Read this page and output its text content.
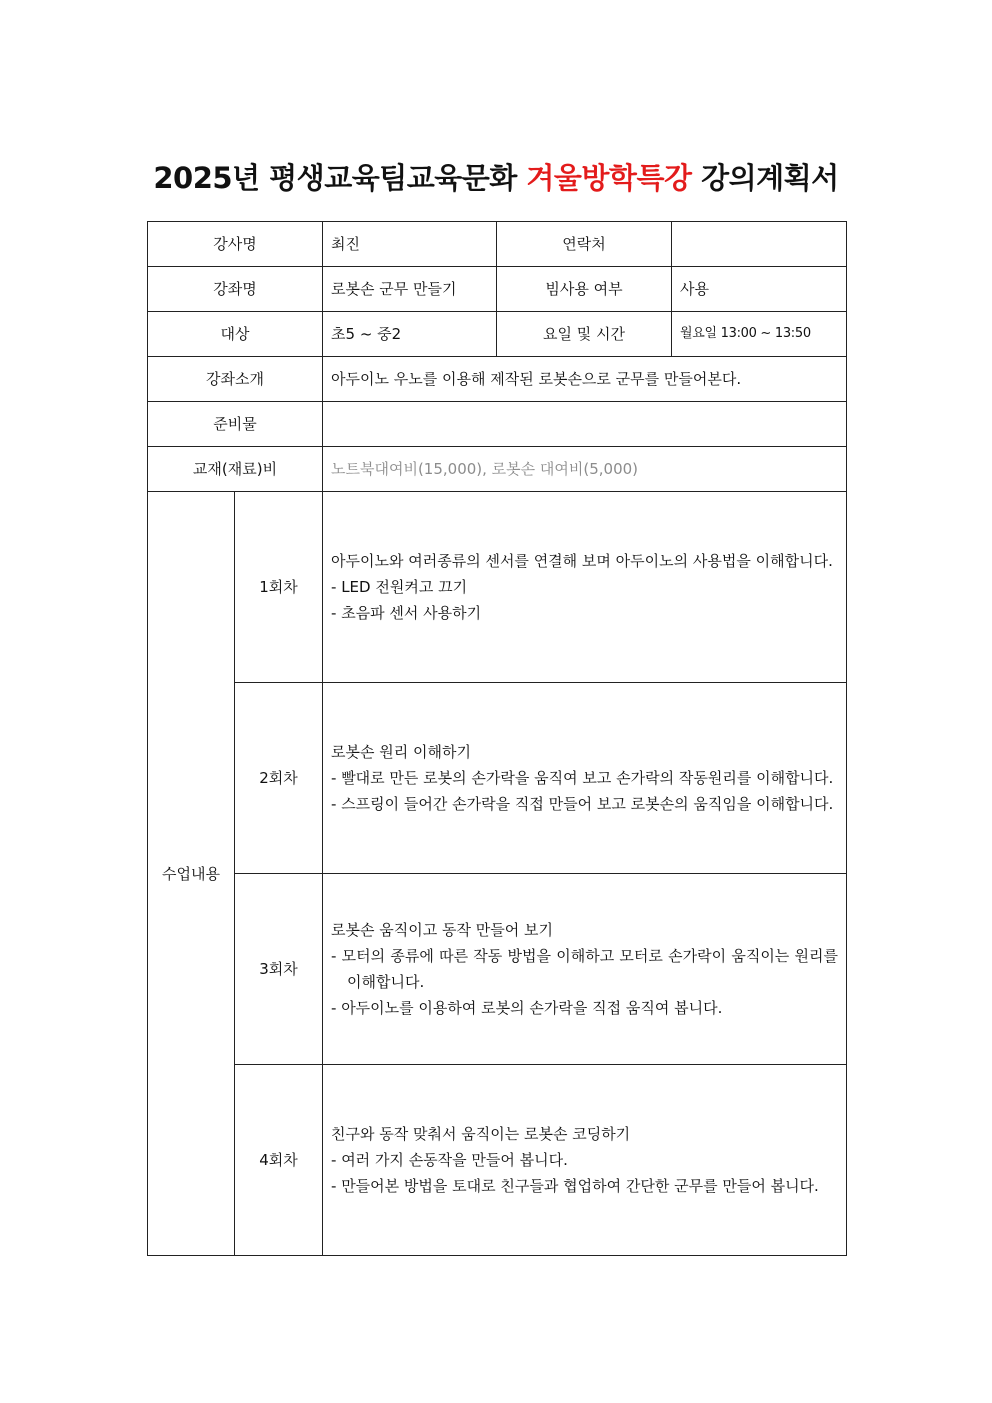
2025년 평생교육팀교육문화 겨울방학특강 강의계획서
강사명		최진	연락처	
강좌명		로봇손 군무 만들기	빔사용 여부	사용
대상		초5 ~ 중2	요일 및 시간	월요일 13:00 ~ 13:50
강좌소개		아두이노 우노를 이용해 제작된 로봇손으로 군무를 만들어본다.		
준비물				
교재(재료)비		노트북대여비(15,000), 로봇손 대여비(5,000)		
수업내용	1회차	아두이노와 여러종류의 센서를 연결해 보며 아두이노의 사용법을 이해합니다.
- LED 전원켜고 끄기
- 초음파 센서 사용하기		

	2회차	로봇손 원리 이해하기
- 빨대로 만든 로봇의 손가락을 움직여 보고 손가락의 작동원리를 이해합니다.
- 스프링이 들어간 손가락을 직접 만들어 보고 로봇손의 움직임을 이해합니다.		

	3회차	로봇손 움직이고 동작 만들어 보기
- 모터의 종류에 따른 작동 방법을 이해하고 모터로 손가락이 움직이는 원리를 이해합니다.
- 아두이노를 이용하여 로봇의 손가락을 직접 움직여 봅니다.		

	4회차	친구와 동작 맞춰서 움직이는 로봇손 코딩하기
- 여러 가지 손동작을 만들어 봅니다.
- 만들어본 방법을 토대로 친구들과 협업하여 간단한 군무를 만들어 봅니다.		
